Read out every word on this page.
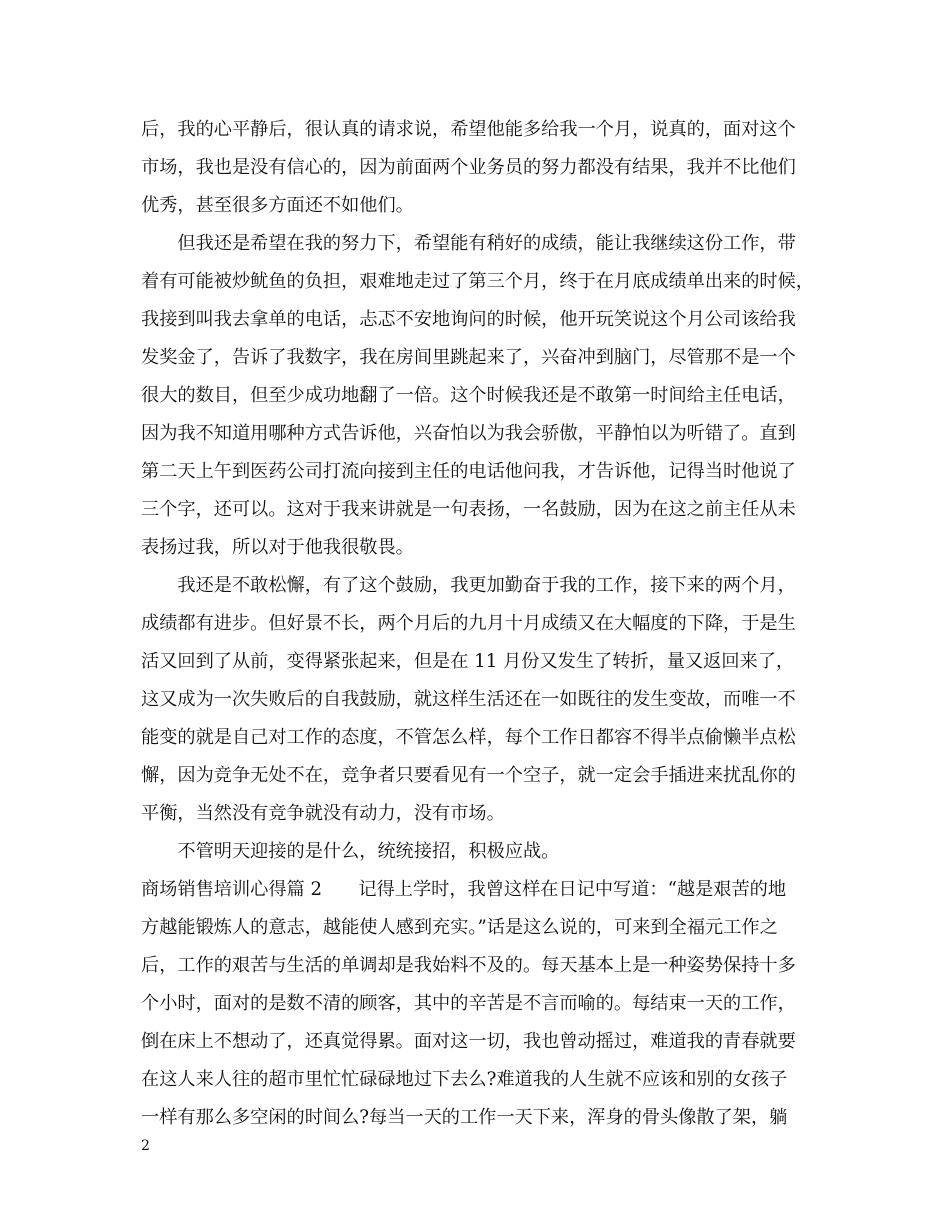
后，我的心平静后，很认真的请求说，希望他能多给我一个月，说真的，面对这个
市场，我也是没有信心的，因为前面两个业务员的努力都没有结果，我并不比他们
优秀，甚至很多方面还不如他们。
　　但我还是希望在我的努力下，希望能有稍好的成绩，能让我继续这份工作，带
着有可能被炒鱿鱼的负担，艰难地走过了第三个月，终于在月底成绩单出来的时候，
我接到叫我去拿单的电话，忐忑不安地询问的时候，他开玩笑说这个月公司该给我
发奖金了，告诉了我数字，我在房间里跳起来了，兴奋冲到脑门，尽管那不是一个
很大的数目，但至少成功地翻了一倍。这个时候我还是不敢第一时间给主任电话，
因为我不知道用哪种方式告诉他，兴奋怕以为我会骄傲，平静怕以为听错了。直到
第二天上午到医药公司打流向接到主任的电话他问我，才告诉他，记得当时他说了
三个字，还可以。这对于我来讲就是一句表扬，一名鼓励，因为在这之前主任从未
表扬过我，所以对于他我很敬畏。
　　我还是不敢松懈，有了这个鼓励，我更加勤奋于我的工作，接下来的两个月，
成绩都有进步。但好景不长，两个月后的九月十月成绩又在大幅度的下降，于是生
活又回到了从前，变得紧张起来，但是在 11 月份又发生了转折，量又返回来了，
这又成为一次失败后的自我鼓励，就这样生活还在一如既往的发生变故，而唯一不
能变的就是自己对工作的态度，不管怎么样，每个工作日都容不得半点偷懒半点松
懈，因为竞争无处不在，竞争者只要看见有一个空子，就一定会手插进来扰乱你的
平衡，当然没有竞争就没有动力，没有市场。
　　不管明天迎接的是什么，统统接招，积极应战。
商场销售培训心得篇 2　　记得上学时，我曾这样在日记中写道：“越是艰苦的地
方越能锻炼人的意志，越能使人感到充实。”话是这么说的，可来到全福元工作之
后，工作的艰苦与生活的单调却是我始料不及的。每天基本上是一种姿势保持十多
个小时，面对的是数不清的顾客，其中的辛苦是不言而喻的。每结束一天的工作，
倒在床上不想动了，还真觉得累。面对这一切，我也曾动摇过，难道我的青春就要
在这人来人往的超市里忙忙碌碌地过下去么?难道我的人生就不应该和别的女孩子
一样有那么多空闲的时间么?每当一天的工作一天下来，浑身的骨头像散了架，躺
2
